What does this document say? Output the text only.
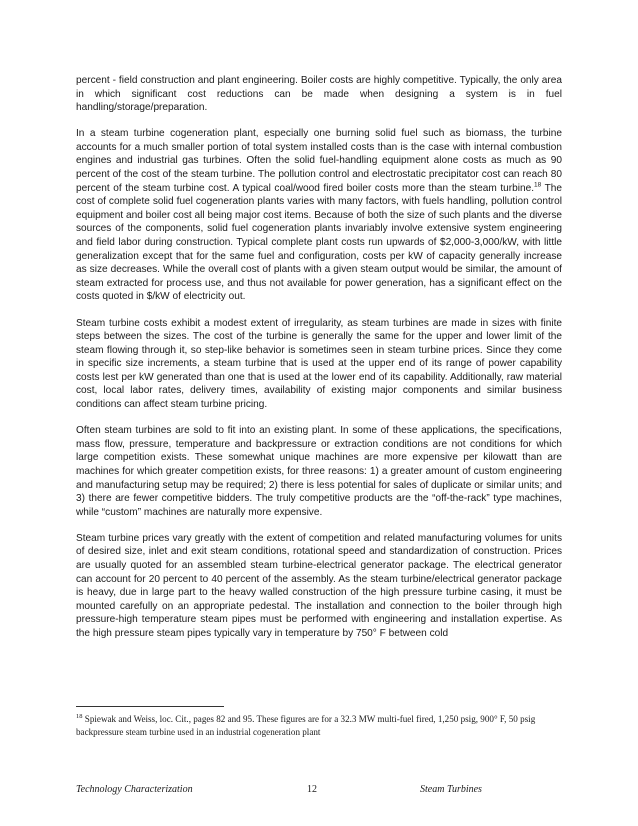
percent - field construction and plant engineering. Boiler costs are highly competitive. Typically, the only area in which significant cost reductions can be made when designing a system is in fuel handling/storage/preparation.

In a steam turbine cogeneration plant, especially one burning solid fuel such as biomass, the turbine accounts for a much smaller portion of total system installed costs than is the case with internal combustion engines and industrial gas turbines. Often the solid fuel-handling equipment alone costs as much as 90 percent of the cost of the steam turbine. The pollution control and electrostatic precipitator cost can reach 80 percent of the steam turbine cost. A typical coal/wood fired boiler costs more than the steam turbine.$^{18}$ The cost of complete solid fuel cogeneration plants varies with many factors, with fuels handling, pollution control equipment and boiler cost all being major cost items. Because of both the size of such plants and the diverse sources of the components, solid fuel cogeneration plants invariably involve extensive system engineering and field labor during construction. Typical complete plant costs run upwards of $2,000-3,000/kW, with little generalization except that for the same fuel and configuration, costs per kW of capacity generally increase as size decreases. While the overall cost of plants with a given steam output would be similar, the amount of steam extracted for process use, and thus not available for power generation, has a significant effect on the costs quoted in $/kW of electricity out.

Steam turbine costs exhibit a modest extent of irregularity, as steam turbines are made in sizes with finite steps between the sizes. The cost of the turbine is generally the same for the upper and lower limit of the steam flowing through it, so step-like behavior is sometimes seen in steam turbine prices. Since they come in specific size increments, a steam turbine that is used at the upper end of its range of power capability costs lest per kW generated than one that is used at the lower end of its capability. Additionally, raw material cost, local labor rates, delivery times, availability of existing major components and similar business conditions can affect steam turbine pricing.

Often steam turbines are sold to fit into an existing plant. In some of these applications, the specifications, mass flow, pressure, temperature and backpressure or extraction conditions are not conditions for which large competition exists. These somewhat unique machines are more expensive per kilowatt than are machines for which greater competition exists, for three reasons: 1) a greater amount of custom engineering and manufacturing setup may be required; 2) there is less potential for sales of duplicate or similar units; and 3) there are fewer competitive bidders. The truly competitive products are the “off-the-rack” type machines, while “custom” machines are naturally more expensive.

Steam turbine prices vary greatly with the extent of competition and related manufacturing volumes for units of desired size, inlet and exit steam conditions, rotational speed and standardization of construction. Prices are usually quoted for an assembled steam turbine-electrical generator package. The electrical generator can account for 20 percent to 40 percent of the assembly. As the steam turbine/electrical generator package is heavy, due in large part to the heavy walled construction of the high pressure turbine casing, it must be mounted carefully on an appropriate pedestal. The installation and connection to the boiler through high pressure-high temperature steam pipes must be performed with engineering and installation expertise. As the high pressure steam pipes typically vary in temperature by 750° F between cold

$^{18}$ Spiewak and Weiss, loc. Cit., pages 82 and 95. These figures are for a 32.3 MW multi-fuel fired, 1,250 psig, 900° F, 50 psig backpressure steam turbine used in an industrial cogeneration plant
Technology Characterization	12	Steam Turbines
